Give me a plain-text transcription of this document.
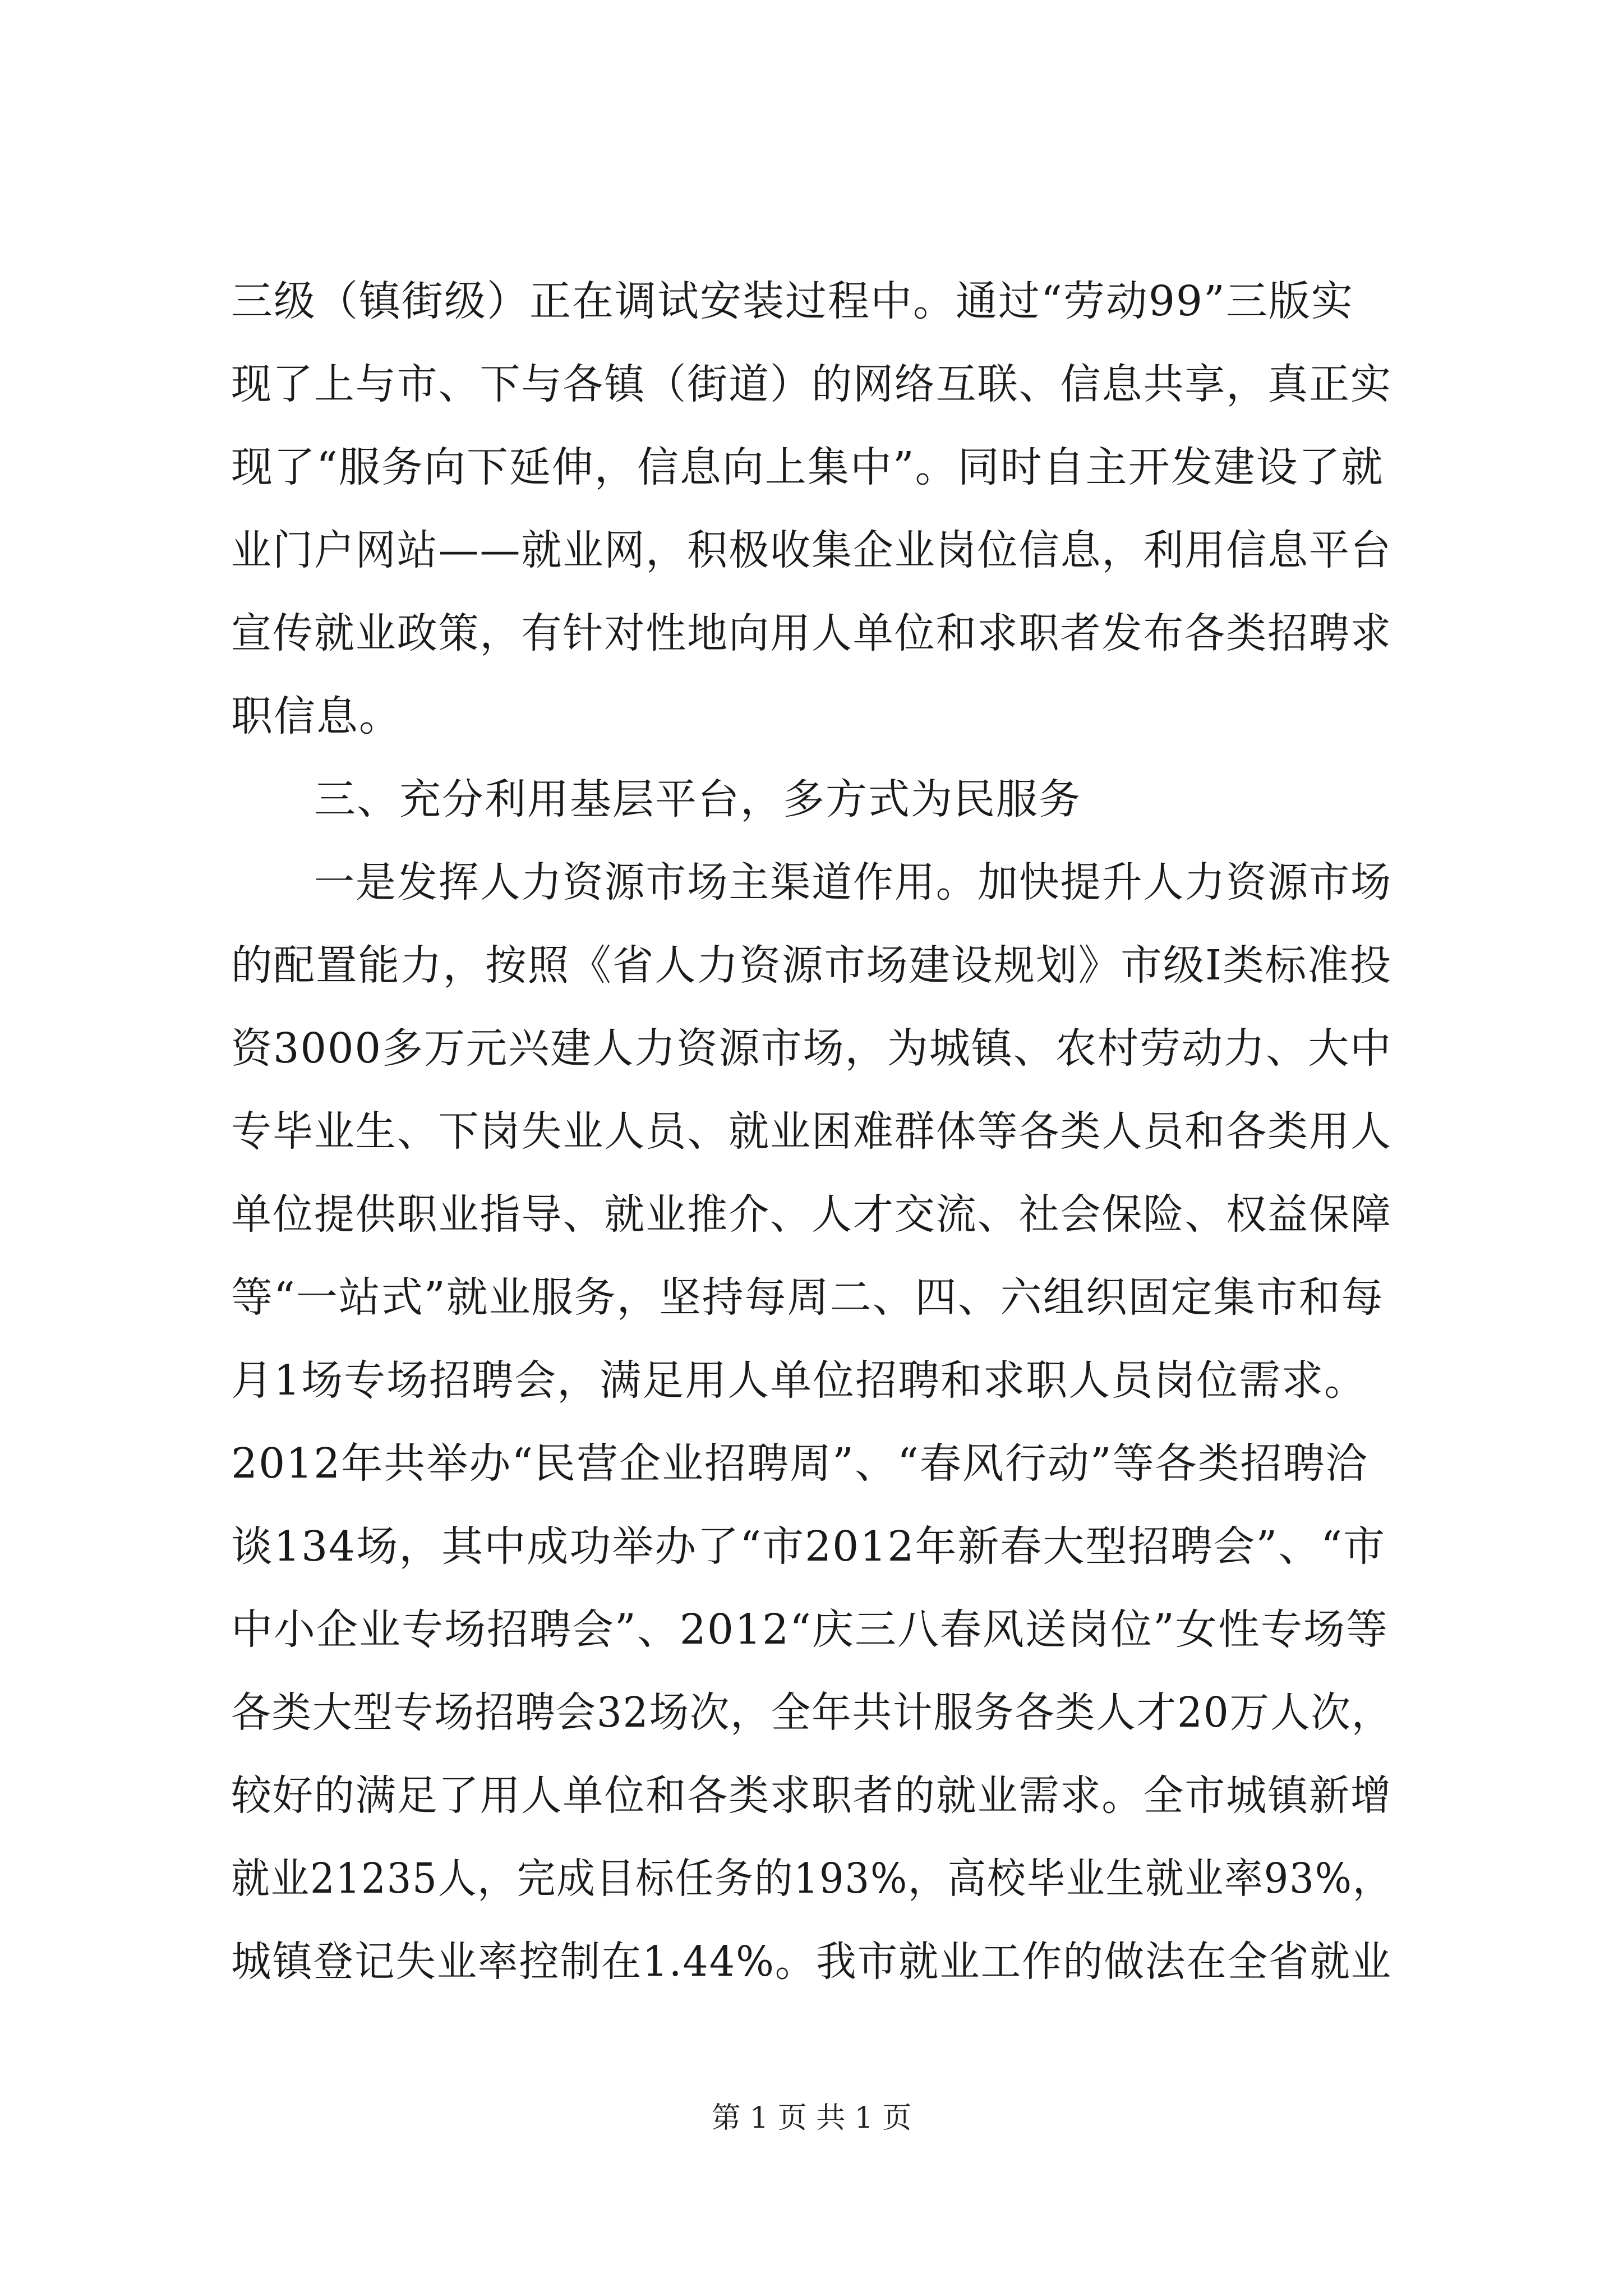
第 1 页 共 1 页
三级（镇街级）正在调试安装过程中。通过“劳动99”三版实
现了上与市、下与各镇（街道）的网络互联、信息共享，真正实
现了“服务向下延伸，信息向上集中”。同时自主开发建设了就
业门户网站——就业网，积极收集企业岗位信息，利用信息平台
宣传就业政策，有针对性地向用人单位和求职者发布各类招聘求
职信息。
三、充分利用基层平台，多方式为民服务
一是发挥人力资源市场主渠道作用。加快提升人力资源市场
的配置能力，按照《省人力资源市场建设规划》市级Ⅰ类标准投
资3000多万元兴建人力资源市场，为城镇、农村劳动力、大中
专毕业生、下岗失业人员、就业困难群体等各类人员和各类用人
单位提供职业指导、就业推介、人才交流、社会保险、权益保障
等“一站式”就业服务，坚持每周二、四、六组织固定集市和每
月1场专场招聘会，满足用人单位招聘和求职人员岗位需求。
2012年共举办“民营企业招聘周”、“春风行动”等各类招聘洽
谈134场，其中成功举办了“市2012年新春大型招聘会”、“市
中小企业专场招聘会”、2012“庆三八春风送岗位”女性专场等
各类大型专场招聘会32场次，全年共计服务各类人才20万人次，
较好的满足了用人单位和各类求职者的就业需求。全市城镇新增
就业21235人，完成目标任务的193%，高校毕业生就业率93%，
城镇登记失业率控制在1.44%。我市就业工作的做法在全省就业
